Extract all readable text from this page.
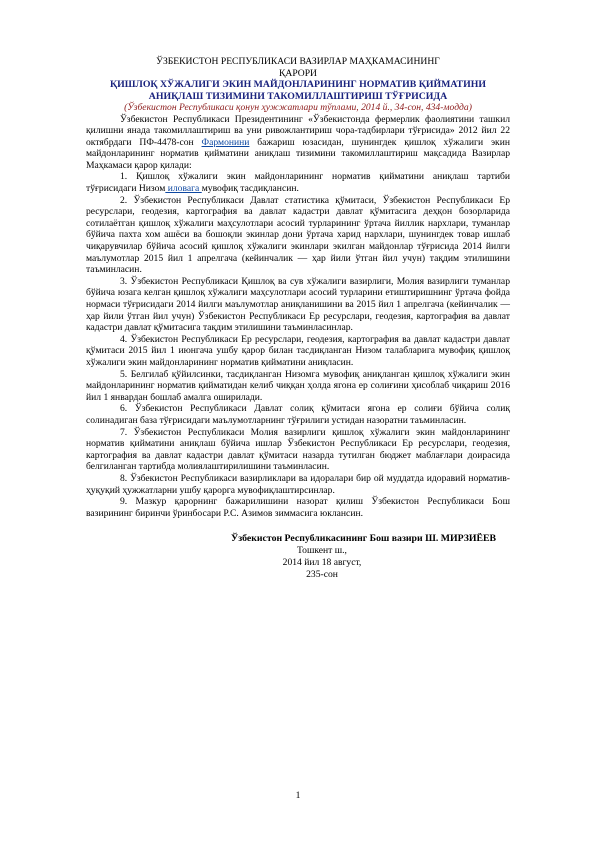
ЎЗБЕКИСТОН РЕСПУБЛИКАСИ ВАЗИРЛАР МАҲКАМАСИНИНГ
ҚАРОРИ
ҚИШЛОҚ ХЎЖАЛИГИ ЭКИН МАЙДОНЛАРИНИНГ НОРМАТИВ ҚИЙМАТИНИ
АНИҚЛАШ ТИЗИМИНИ ТАКОМИЛЛАШТИРИШ ТЎҒРИСИДА
(Ўзбекистон Республикаси қонун ҳужжатлари тўплами, 2014 й., 34-сон, 434-модда)

Ўзбекистон Республикаси Президентининг «Ўзбекистонда фермерлик фаолиятини ташкил қилишни янада такомиллаштириш ва уни ривожлантириш чора-тадбирлари тўғрисида» 2012 йил 22 октябрдаги ПФ-4478-сон Фармонини бажариш юзасидан, шунингдек қишлоқ хўжалиги экин майдонларининг норматив қийматини аниқлаш тизимини такомиллаштириш мақсадида Вазирлар Маҳкамаси қарор қилади:

1. Қишлоқ хўжалиги экин майдонларининг норматив қийматини аниқлаш тартиби тўғрисидаги Низом иловага мувофиқ тасдиқлансин.

2. Ўзбекистон Республикаси Давлат статистика қўмитаси, Ўзбекистон Республикаси Ер ресурслари, геодезия, картография ва давлат кадастри давлат қўмитасига деҳқон бозорларида сотилаётган қишлоқ хўжалиги маҳсулотлари асосий турларининг ўртача йиллик нархлари, туманлар бўйича пахта хом ашёси ва бошоқли экинлар дони ўртача харид нархлари, шунингдек товар ишлаб чиқарувчилар бўйича асосий қишлоқ хўжалиги экинлари экилган майдонлар тўғрисида 2014 йилги маълумотлар 2015 йил 1 апрелгача (кейинчалик — ҳар йили ўтган йил учун) тақдим этилишини таъминласин.

3. Ўзбекистон Республикаси Қишлоқ ва сув хўжалиги вазирлиги, Молия вазирлиги туманлар бўйича юзага келган қишлоқ хўжалиги маҳсулотлари асосий турларини етиштиришнинг ўртача фойда нормаси тўғрисидаги 2014 йилги маълумотлар аниқланишини ва 2015 йил 1 апрелгача (кейинчалик — ҳар йили ўтган йил учун) Ўзбекистон Республикаси Ер ресурслари, геодезия, картография ва давлат кадастри давлат қўмитасига тақдим этилишини таъминласинлар.

4. Ўзбекистон Республикаси Ер ресурслари, геодезия, картография ва давлат кадастри давлат қўмитаси 2015 йил 1 июнгача ушбу қарор билан тасдиқланган Низом талабларига мувофиқ қишлоқ хўжалиги экин майдонларининг норматив қийматини аниқласин.

5. Белгилаб қўйилсинки, тасдиқланган Низомга мувофиқ аниқланган қишлоқ хўжалиги экин майдонларининг норматив қийматидан келиб чиққан ҳолда ягона ер солиғини ҳисоблаб чиқариш 2016 йил 1 январдан бошлаб амалга оширилади.

6. Ўзбекистон Республикаси Давлат солиқ қўмитаси ягона ер солиғи бўйича солиқ солинадиган база тўғрисидаги маълумотларнинг тўғрилиги устидан назоратни таъминласин.

7. Ўзбекистон Республикаси Молия вазирлиги қишлоқ хўжалиги экин майдонларининг норматив қийматини аниқлаш бўйича ишлар Ўзбекистон Республикаси Ер ресурслари, геодезия, картография ва давлат кадастри давлат қўмитаси назарда тутилган бюджет маблағлари доирасида белгиланган тартибда молиялаштирилишини таъминласин.

8. Ўзбекистон Республикаси вазирликлари ва идоралари бир ой муддатда идоравий норматив-ҳуқуқий ҳужжатларни ушбу қарорга мувофиқлаштирсинлар.

9. Мазкур қарорнинг бажарилишини назорат қилиш Ўзбекистон Республикаси Бош вазирининг биринчи ўринбосари Р.С. Азимов зиммасига юклансин.

Ўзбекистон Республикасининг Бош вазири Ш. МИРЗИЁЕВ
Тошкент ш.,
2014 йил 18 август,
235-сон
1
